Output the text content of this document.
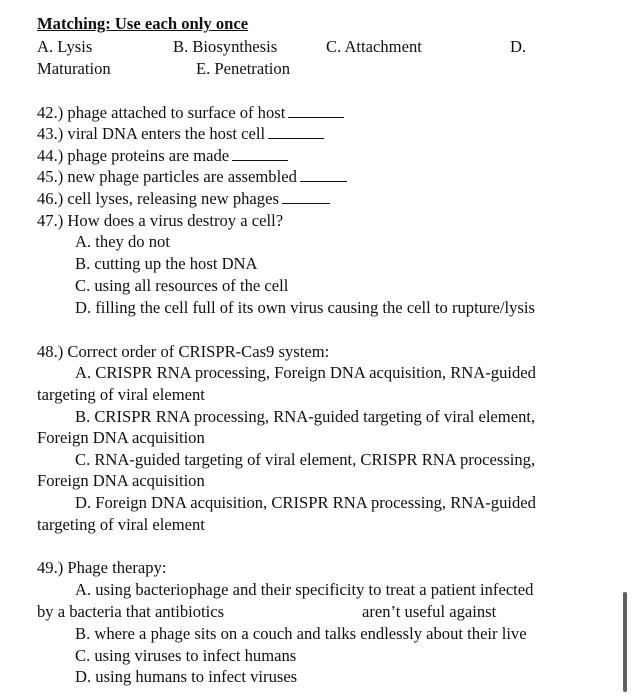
Matching: Use each only once
A. Lysis	B. Biosynthesis	C. Attachment	D.
Maturation	E. Penetration
42.) phage attached to surface of host
43.) viral DNA enters the host cell
44.) phage proteins are made
45.) new phage particles are assembled
46.) cell lyses, releasing new phages
47.) How does a virus destroy a cell?
A. they do not
B. cutting up the host DNA
C. using all resources of the cell
D. filling the cell full of its own virus causing the cell to rupture/lysis
48.) Correct order of CRISPR-Cas9 system:
A. CRISPR RNA processing, Foreign DNA acquisition, RNA-guided
targeting of viral element
B. CRISPR RNA processing, RNA-guided targeting of viral element,
Foreign DNA acquisition
C. RNA-guided targeting of viral element, CRISPR RNA processing,
Foreign DNA acquisition
D. Foreign DNA acquisition, CRISPR RNA processing, RNA-guided
targeting of viral element
49.) Phage therapy:
A. using bacteriophage and their specificity to treat a patient infected
by a bacteria that antibiotics	aren’t useful against
B. where a phage sits on a couch and talks endlessly about their live
C. using viruses to infect humans
D. using humans to infect viruses
